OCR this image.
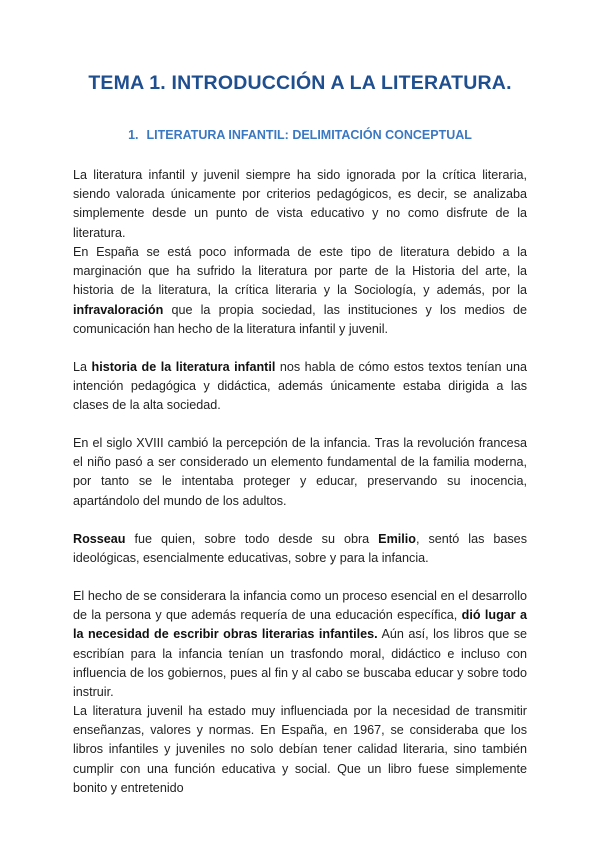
TEMA 1. INTRODUCCIÓN A LA LITERATURA.
1. LITERATURA INFANTIL: DELIMITACIÓN CONCEPTUAL

La literatura infantil y juvenil siempre ha sido ignorada por la crítica literaria, siendo valorada únicamente por criterios pedagógicos, es decir, se analizaba simplemente desde un punto de vista educativo y no como disfrute de la literatura.

En España se está poco informada de este tipo de literatura debido a la marginación que ha sufrido la literatura por parte de la Historia del arte, la historia de la literatura, la crítica literaria y la Sociología, y además, por la infravaloración que la propia sociedad, las instituciones y los medios de comunicación han hecho de la literatura infantil y juvenil.

La historia de la literatura infantil nos habla de cómo estos textos tenían una intención pedagógica y didáctica, además únicamente estaba dirigida a las clases de la alta sociedad.

En el siglo XVIII cambió la percepción de la infancia. Tras la revolución francesa el niño pasó a ser considerado un elemento fundamental de la familia moderna, por tanto se le intentaba proteger y educar, preservando su inocencia, apartándolo del mundo de los adultos.

Rosseau fue quien, sobre todo desde su obra Emilio, sentó las bases ideológicas, esencialmente educativas, sobre y para la infancia.

El hecho de se considerara la infancia como un proceso esencial en el desarrollo de la persona y que además requería de una educación específica, dió lugar a la necesidad de escribir obras literarias infantiles. Aún así, los libros que se escribían para la infancia tenían un trasfondo moral, didáctico e incluso con influencia de los gobiernos, pues al fin y al cabo se buscaba educar y sobre todo instruir.

La literatura juvenil ha estado muy influenciada por la necesidad de transmitir enseñanzas, valores y normas. En España, en 1967, se consideraba que los libros infantiles y juveniles no solo debían tener calidad literaria, sino también cumplir con una función educativa y social. Que un libro fuese simplemente bonito y entretenido
